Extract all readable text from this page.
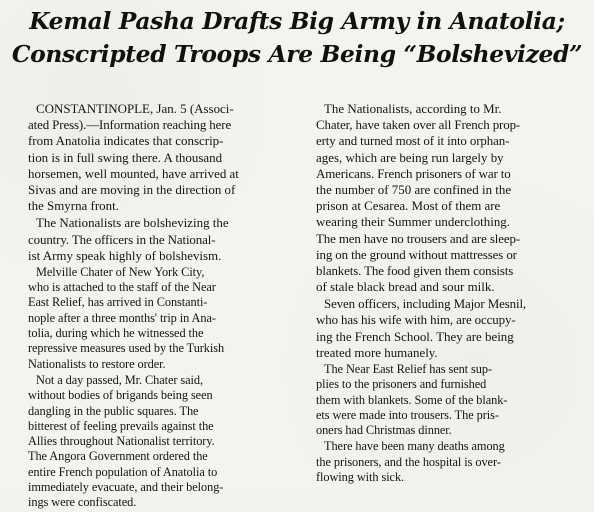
Kemal Pasha Drafts Big Army in Anatolia;
Conscripted Troops Are Being “Bolshevized”
CONSTANTINOPLE, Jan. 5 (Associ-
ated Press).—Information reaching here
from Anatolia indicates that conscrip-
tion is in full swing there. A thousand
horsemen, well mounted, have arrived at
Sivas and are moving in the direction of
the Smyrna front.
The Nationalists are bolshevizing the
country. The officers in the National-
ist Army speak highly of bolshevism.
Melville Chater of New York City,
who is attached to the staff of the Near
East Relief, has arrived in Constanti-
nople after a three months' trip in Ana-
tolia, during which he witnessed the
repressive measures used by the Turkish
Nationalists to restore order.
Not a day passed, Mr. Chater said,
without bodies of brigands being seen
dangling in the public squares. The
bitterest of feeling prevails against the
Allies throughout Nationalist territory.
The Angora Government ordered the
entire French population of Anatolia to
immediately evacuate, and their belong-
ings were confiscated.
The Nationalists, according to Mr.
Chater, have taken over all French prop-
erty and turned most of it into orphan-
ages, which are being run largely by
Americans. French prisoners of war to
the number of 750 are confined in the
prison at Cesarea. Most of them are
wearing their Summer underclothing.
The men have no trousers and are sleep-
ing on the ground without mattresses or
blankets. The food given them consists
of stale black bread and sour milk.
Seven officers, including Major Mesnil,
who has his wife with him, are occupy-
ing the French School. They are being
treated more humanely.
The Near East Relief has sent sup-
plies to the prisoners and furnished
them with blankets. Some of the blank-
ets were made into trousers. The pris-
oners had Christmas dinner.
There have been many deaths among
the prisoners, and the hospital is over-
flowing with sick.
